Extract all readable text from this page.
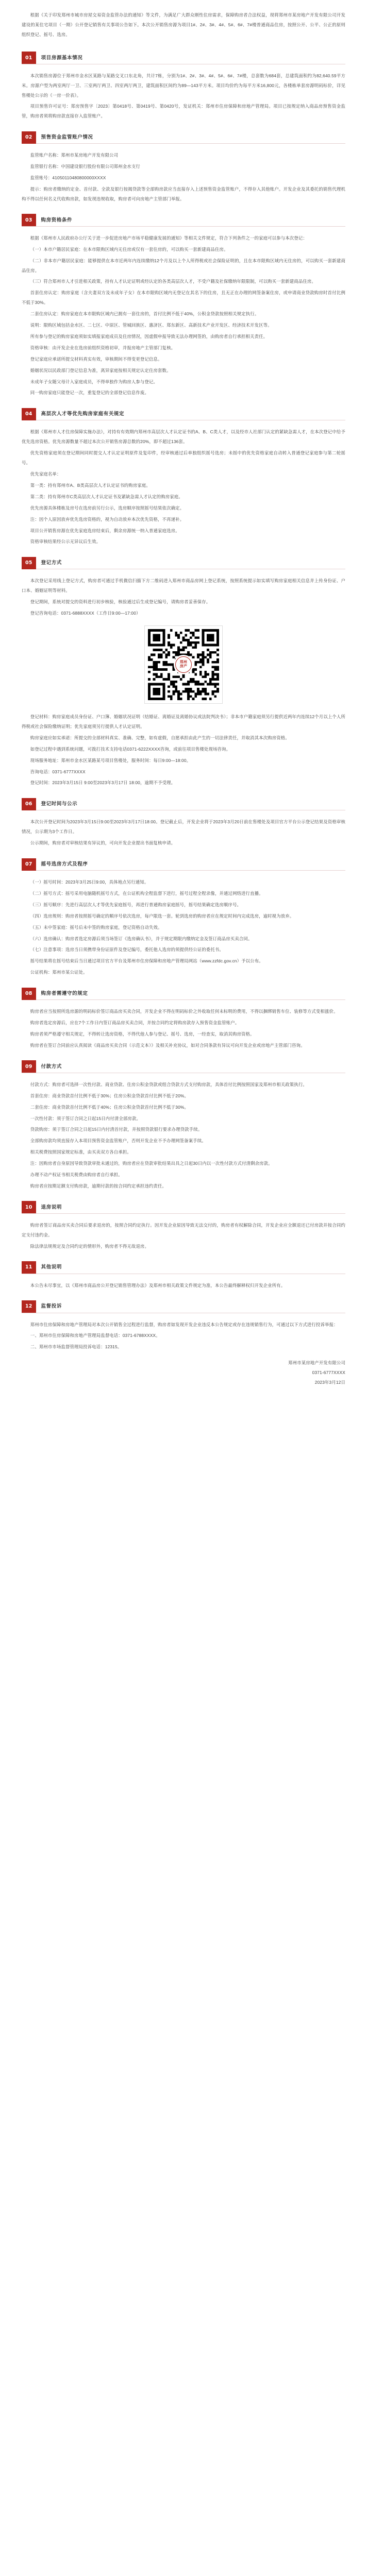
根据《关于印发郑州市城市房屋交易资金监管办法的通知》等文件，为满足广大群众刚性住房需求，保障购房者合法权益，现将郑州市某房地产开发有限公司开发建设的某住宅项目（一期）公开登记销售有关事项公告如下。本次公开销售房源为项目1#、2#、3#、4#、5#、6#、7#楼普通商品住房，按照公开、公平、公正的原则组织登记、摇号、选房。

01	项目房源基本情况

本次销售房源位于郑州市金水区某路与某路交叉口东北角，共计7栋，分别为1#、2#、3#、4#、5#、6#、7#楼，总套数为684套，总建筑面积约为82,640.59平方米。房源户型为两室两厅一卫、三室两厅两卫、四室两厅两卫，建筑面积区间约为89—143平方米。项目均价约为每平方米16,800元，各楼栋单套房源明码标价，详见售楼处公示的《一房一价表》。

项目预售许可证号：郑房预售字〔2023〕第0418号、第0419号、第0420号，发证机关：郑州市住房保障和房地产管理局。项目已按规定纳入商品房预售资金监管，购房者须将购房款直接存入监管账户。

02	预售资金监管账户情况

监管账户名称：郑州市某房地产开发有限公司

监管银行名称：中国建设银行股份有限公司郑州金水支行

监管账号：41050110480800000XXXX

提示：购房者缴纳的定金、首付款、全款及银行按揭贷款等全部购房款应当直接存入上述预售资金监管账户，不得存入其他账户。开发企业及其委托的销售代理机构不得以任何名义代收购房款，如发现违规收取，购房者可向房地产主管部门举报。

03	购房资格条件

根据《郑州市人民政府办公厅关于进一步促进房地产市场平稳健康发展的通知》等相关文件规定，符合下列条件之一的家庭可以参与本次登记：

（一）本市户籍居民家庭：在本市限购区域内无住房或仅有一套住房的，可以购买一套新建商品住房。

（二）非本市户籍居民家庭：能够提供在本市近两年内连续缴纳12个月及以上个人所得税或社会保险证明的，且在本市限购区域内无住房的，可以购买一套新建商品住房。

（三）符合郑州市人才引进相关政策，持有人才认定证明或经认定的各类高层次人才，不受户籍及社保缴纳年限限制，可以购买一套新建商品住房。

首套住房认定：购房家庭（含夫妻双方及未成年子女）在本市限购区域内无登记在其名下的住房，且无正在办理的网签备案住房，或申请商业贷款购房时首付比例不低于30%。

二套住房认定：购房家庭在本市限购区域内已拥有一套住房的，首付比例不低于40%，公积金贷款按照相关规定执行。

说明：限购区域包括金水区、二七区、中原区、管城回族区、惠济区、郑东新区、高新技术产业开发区、经济技术开发区等。

所有参与登记的购房家庭须如实填报家庭成员及住房情况，因虚假申报导致无法办理网签的，由购房者自行承担相关责任。

资格审核：由开发企业在选房前组织资格初审，并报房地产主管部门复核。

登记家庭应承诺所提交材料真实有效，审核期间不得变更登记信息。

婚姻状况以民政部门登记信息为准，离异家庭按相关规定认定住房套数。

未成年子女随父母计入家庭成员，不得单独作为购房人参与登记。

同一购房家庭只能登记一次，重复登记的全部登记信息作废。

04	高层次人才等优先购房家庭有关规定

根据《郑州市人才住房保障实施办法》，对持有有效期内郑州市高层次人才认定证书的A、B、C类人才，以及经市人社部门认定的紧缺急需人才，在本次登记中给予优先选房资格。优先房源数量不超过本次公开销售房源总数的20%，即不超过136套。

优先资格家庭须在登记期间同时提交人才认定证明原件及复印件，经审核通过后单独组织摇号选房；未摇中的优先资格家庭自动转入普通登记家庭参与第二轮摇号。

优先家庭名单：

第一类：持有郑州市A、B类高层次人才认定证书的购房家庭。

第二类：持有郑州市C类高层次人才认定证书及紧缺急需人才认定的购房家庭。

优先房源具体楼栋及房号在选房前另行公示，选房顺序按照摇号结果依次确定。

注：因个人原因放弃优先选房资格的，视为自动放弃本次优先资格，不再递补。

项目公开销售房源在优先家庭选房结束后，剩余房源统一纳入普通家庭选房。

资格审核结果经公示无异议后生效。

05	登记方式

本次登记采用线上登记方式，购房者可通过手机微信扫描下方二维码进入郑州市商品房网上登记系统，按照系统提示如实填写购房家庭相关信息并上传身份证、户口本、婚姻证明等材料。

登记期间，系统对提交的资料进行初步核验，核验通过后生成登记编号，请购房者妥善保存。

登记咨询电话：0371-6888XXXX（工作日9:00—17:00）

郑州
房产

登记材料：购房家庭成员身份证、户口簿、婚姻状况证明（结婚证、离婚证及离婚协议或法院判决书）；非本市户籍家庭须另行提供近两年内连续12个月以上个人所得税或社会保险缴纳证明；优先家庭须另行提供人才认定证明。

购房家庭应如实承诺：所提交的全部材料真实、准确、完整，如有虚假，自愿承担由此产生的一切法律责任，并取消其本次购房资格。

如登记过程中遇到系统问题，可拨打技术支持电话0371-6222XXXX咨询，或前往项目售楼处现场咨询。

现场服务地址：郑州市金水区某路某号项目售楼处，服务时间：每日9:00—18:00。

咨询电话：0371-6777XXXX

登记时间：2023年3月15日 9:00至2023年3月17日 18:00，逾期不予受理。

06	登记时间与公示

本次公开登记时间为2023年3月15日9:00至2023年3月17日18:00。登记截止后，开发企业将于2023年3月20日前在售楼处及项目官方平台公示登记结果及资格审核情况，公示期为3个工作日。

公示期间，购房者对审核结果有异议的，可向开发企业提出书面复核申请。

07	摇号选房方式及程序

（一）摇号时间：2023年3月25日9:00，具体地点另行通知。

（二）摇号方式：摇号采用电脑随机摇号方式，在公证机构全程监督下进行，摇号过程全程录像，并通过网络进行直播。

（三）摇号顺序：先进行高层次人才等优先家庭摇号，再进行普通购房家庭摇号，摇号结果确定选房顺序号。

（四）选房规则：购房者按照摇号确定的顺序号依次选房，每户限选一套。轮到选房的购房者应在规定时间内完成选房，逾时视为放弃。

（五）未中签家庭：摇号后未中签的购房家庭，登记资格自动失效。

（六）选房确认：购房者选定房源后须当场签订《选房确认书》，并于规定期限内缴纳定金及签订商品房买卖合同。

（七）注意事项：选房当日须携带身份证原件及登记编号，委托他人选房的须提供经公证的委托书。

摇号结果将在摇号结束后当日通过项目官方平台及郑州市住房保障和房地产管理局网站（www.zzfdc.gov.cn）予以公布。

公证机构：郑州市某公证处。

08	购房者需遵守的规定

购房者应当按照所选房源的明码标价签订商品房买卖合同，开发企业不得在明码标价之外收取任何未标明的费用，不得以捆绑销售车位、装修等方式变相涨价。

购房者选定房源后，应在7个工作日内签订商品房买卖合同，并按合同约定将购房款存入预售资金监管账户。

购房者须严格遵守相关规定，不得转让选房资格，不得代他人参与登记、摇号、选房，一经查实，取消其购房资格。

购房者在签订合同前应认真阅读《商品房买卖合同（示范文本）》及相关补充协议，如对合同条款有异议可向开发企业或房地产主管部门咨询。

09	付款方式

付款方式：购房者可选择一次性付款、商业贷款、住房公积金贷款或组合贷款方式支付购房款，具体首付比例按照国家及郑州市相关政策执行。

首套住房：商业贷款首付比例不低于30%；住房公积金贷款首付比例不低于20%。

二套住房：商业贷款首付比例不低于40%；住房公积金贷款首付比例不低于30%。

一次性付款：须于签订合同之日起15日内付清全部房款。

贷款购房：须于签订合同之日起15日内付清首付款，并按照贷款银行要求办理贷款手续。

全部购房款均须直接存入本项目预售资金监管账户，否则开发企业不予办理网签备案手续。

相关税费按照国家规定标准，由买卖双方各自承担。

注：因购房者自身原因导致贷款审批未通过的，购房者应在贷款审批结果出具之日起30日内以一次性付款方式付清剩余房款。

办理不动产权证书相关税费由购房者自行承担。

购房者应按期足额支付购房款，逾期付款的按合同约定承担违约责任。

10	退房说明

购房者签订商品房买卖合同后要求退房的，按照合同约定执行。因开发企业原因导致无法交付的，购房者有权解除合同，开发企业应全额退还已付房款并按合同约定支付违约金。

除法律法规规定及合同约定的情形外，购房者不得无故退房。

11	其他说明

本公告未尽事宜，以《郑州市商品房公开登记销售管理办法》及郑州市相关政策文件规定为准，本公告最终解释权归开发企业所有。

12	监督投诉

郑州市住房保障和房地产管理局对本次公开销售全过程进行监督，购房者如发现开发企业违反本公告规定或存在违规销售行为，可通过以下方式进行投诉举报：

一、郑州市住房保障和房地产管理局监督电话：0371-6788XXXX。

二、郑州市市场监督管理局投诉电话：12315。

郑州市某房地产开发有限公司
0371-6777XXXX
2023年3月12日
